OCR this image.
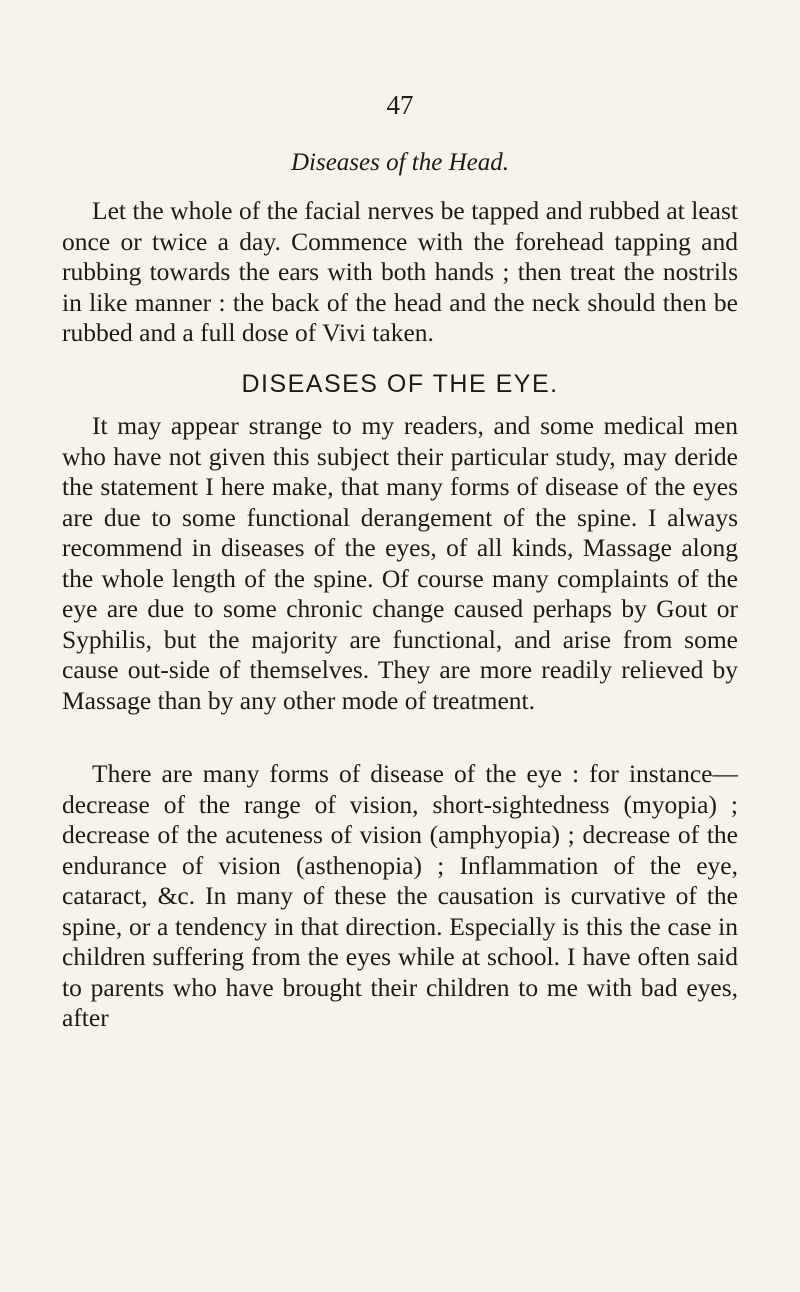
47
Diseases of the Head.

Let the whole of the facial nerves be tapped and rubbed at least once or twice a day. Commence with the forehead tapping and rubbing towards the ears with both hands ; then treat the nostrils in like manner : the back of the head and the neck should then be rubbed and a full dose of Vivi taken.

DISEASES OF THE EYE.

It may appear strange to my readers, and some medical men who have not given this subject their particular study, may deride the statement I here make, that many forms of disease of the eyes are due to some functional derangement of the spine. I always recommend in diseases of the eyes, of all kinds, Massage along the whole length of the spine. Of course many complaints of the eye are due to some chronic change caused perhaps by Gout or Syphilis, but the majority are functional, and arise from some cause out-side of themselves. They are more readily relieved by Massage than by any other mode of treatment.

There are many forms of disease of the eye : for instance— decrease of the range of vision, short-sightedness (myopia) ; decrease of the acuteness of vision (amphyopia) ; decrease of the endurance of vision (asthenopia) ; Inflammation of the eye, cataract, &c. In many of these the causation is curvative of the spine, or a tendency in that direction. Especially is this the case in children suffering from the eyes while at school. I have often said to parents who have brought their children to me with bad eyes, after
